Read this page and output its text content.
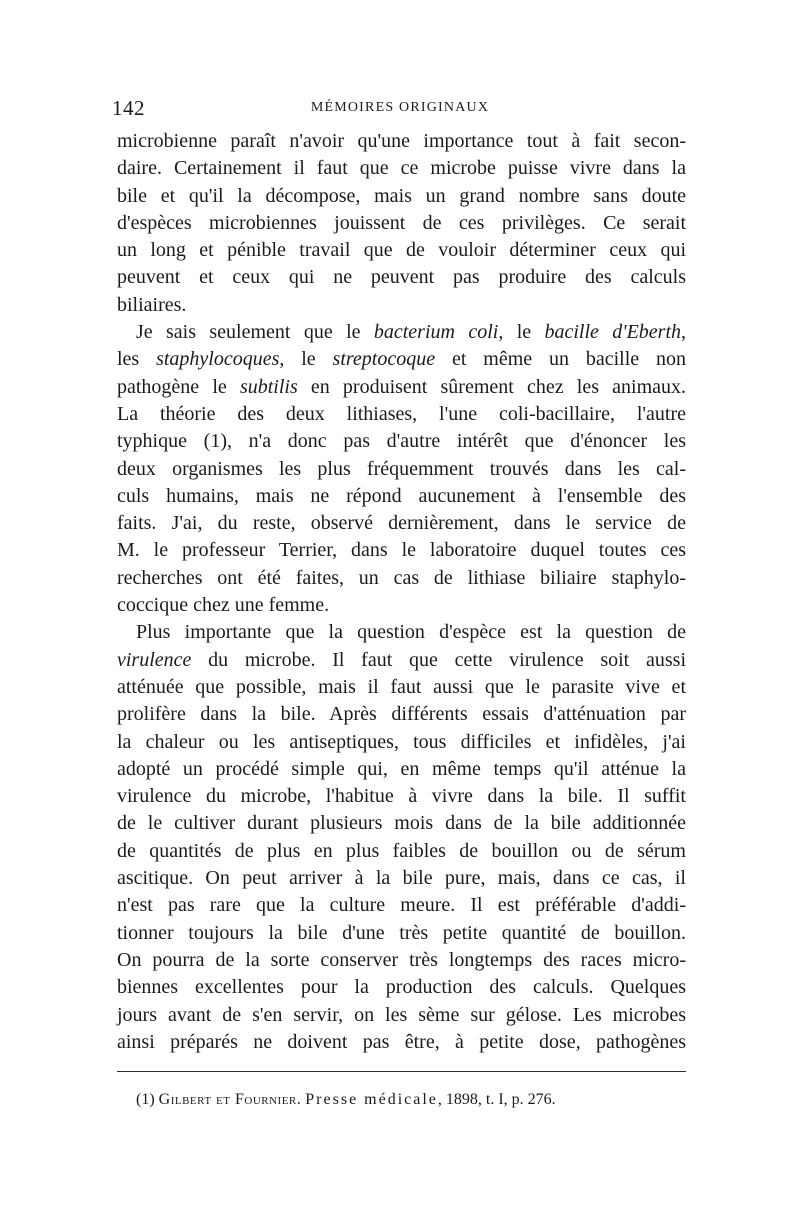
142	MÉMOIRES ORIGINAUX
microbienne paraît n'avoir qu'une importance tout à fait secon-
daire. Certainement il faut que ce microbe puisse vivre dans la
bile et qu'il la décompose, mais un grand nombre sans doute
d'espèces microbiennes jouissent de ces privilèges. Ce serait
un long et pénible travail que de vouloir déterminer ceux qui
peuvent et ceux qui ne peuvent pas produire des calculs
biliaires.
Je sais seulement que le bacterium coli, le bacille d'Eberth,
les staphylocoques, le streptocoque et même un bacille non
pathogène le subtilis en produisent sûrement chez les animaux.
La théorie des deux lithiases, l'une coli-bacillaire, l'autre
typhique (1), n'a donc pas d'autre intérêt que d'énoncer les
deux organismes les plus fréquemment trouvés dans les cal-
culs humains, mais ne répond aucunement à l'ensemble des
faits. J'ai, du reste, observé dernièrement, dans le service de
M. le professeur Terrier, dans le laboratoire duquel toutes ces
recherches ont été faites, un cas de lithiase biliaire staphylo-
coccique chez une femme.
Plus importante que la question d'espèce est la question de
virulence du microbe. Il faut que cette virulence soit aussi
atténuée que possible, mais il faut aussi que le parasite vive et
prolifère dans la bile. Après différents essais d'atténuation par
la chaleur ou les antiseptiques, tous difficiles et infidèles, j'ai
adopté un procédé simple qui, en même temps qu'il atténue la
virulence du microbe, l'habitue à vivre dans la bile. Il suffit
de le cultiver durant plusieurs mois dans de la bile additionnée
de quantités de plus en plus faibles de bouillon ou de sérum
ascitique. On peut arriver à la bile pure, mais, dans ce cas, il
n'est pas rare que la culture meure. Il est préférable d'addi-
tionner toujours la bile d'une très petite quantité de bouillon.
On pourra de la sorte conserver très longtemps des races micro-
biennes excellentes pour la production des calculs. Quelques
jours avant de s'en servir, on les sème sur gélose. Les microbes
ainsi préparés ne doivent pas être, à petite dose, pathogènes
(1) Gilbert et Fournier. Presse médicale, 1898, t. I, p. 276.
